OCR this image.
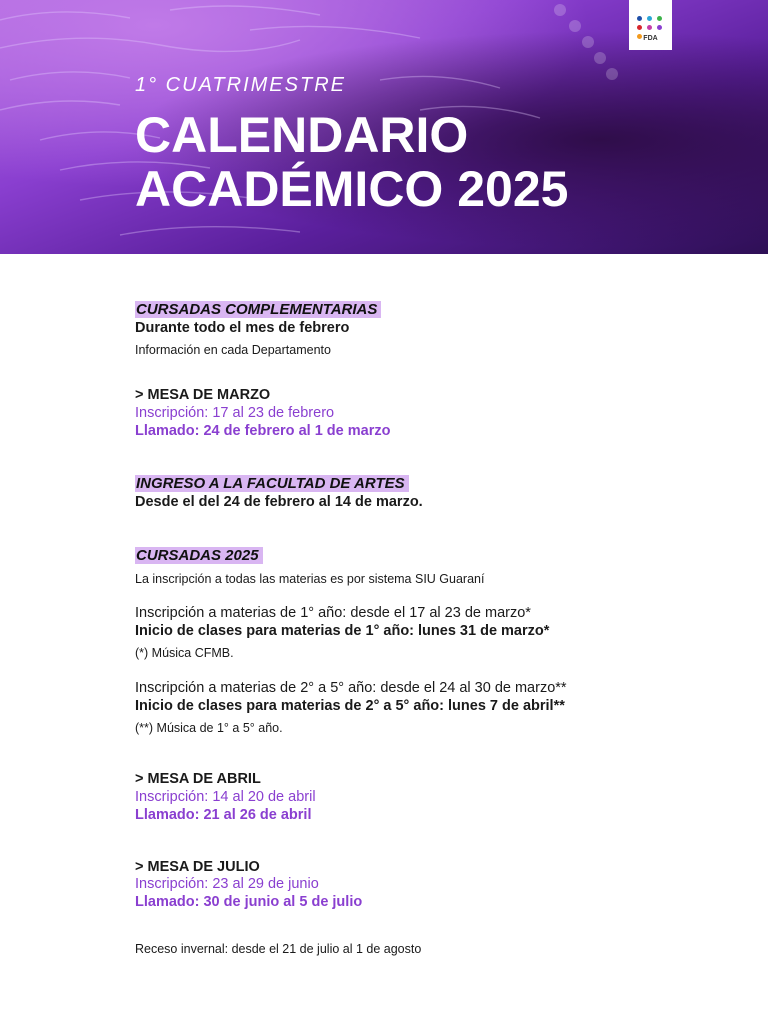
FDA
1° CUATRIMESTRE
CALENDARIO
ACADÉMICO 2025
CURSADAS COMPLEMENTARIAS
Durante todo el mes de febrero
Información en cada Departamento
> MESA DE MARZO
Inscripción: 17 al 23 de febrero
Llamado: 24 de febrero al 1 de marzo
INGRESO A LA FACULTAD DE ARTES
Desde el del 24 de febrero al 14 de marzo.
CURSADAS 2025
La inscripción a todas las materias es por sistema SIU Guaraní
Inscripción a materias de 1° año: desde el 17 al 23 de marzo*
Inicio de clases para materias de 1° año: lunes 31 de marzo*
(*) Música CFMB.
Inscripción a materias de 2° a 5° año: desde el 24 al 30 de marzo**
Inicio de clases para materias de 2° a 5° año: lunes 7 de abril**
(**) Música de 1° a 5° año.
> MESA DE ABRIL
Inscripción: 14 al 20 de abril
Llamado: 21 al 26 de abril
> MESA DE JULIO
Inscripción: 23 al 29 de junio
Llamado: 30 de junio al 5 de julio
Receso invernal: desde el 21 de julio al 1 de agosto
